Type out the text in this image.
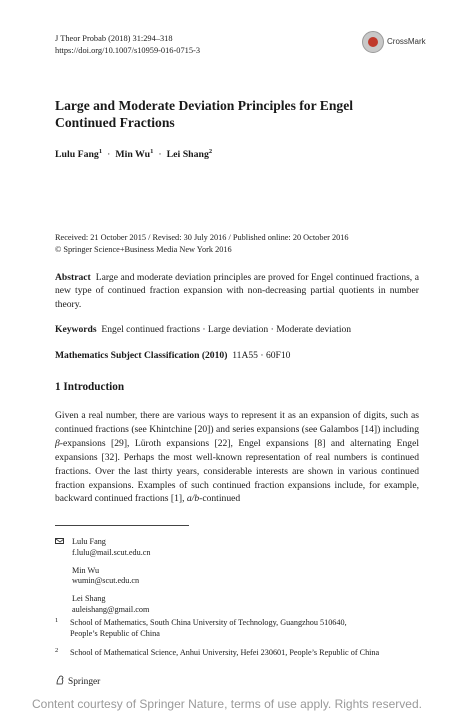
J Theor Probab (2018) 31:294–318
https://doi.org/10.1007/s10959-016-0715-3
CrossMark
Large and Moderate Deviation Principles for Engel
Continued Fractions
Lulu Fang$^1$ · Min $Wu^1$ · Lei Shang$^2$
Received: 21 October 2015 / Revised: 30 July 2016 / Published online: 20 October 2016
© Springer Science+Business Media New York 2016
Abstract Large and moderate deviation principles are proved for Engel continued fractions, a new type of continued fraction expansion with non-decreasing partial quotients in number theory.
Keywords Engel continued fractions · Large deviation · Moderate deviation
Mathematics Subject Classification (2010) 11A55 · 60F10
1 Introduction
Given a real number, there are various ways to represent it as an expansion of digits, such as continued fractions (see Khintchine [20]) and series expansions (see Galambos [14]) including β-expansions [29], Lüroth expansions [22], Engel expansions [8] and alternating Engel expansions [32]. Perhaps the most well-known representation of real numbers is continued fractions. Over the last thirty years, considerable interests are shown in various continued fraction expansions. Examples of such continued fraction expansions include, for example, backward continued fractions [1], a/b-continued
Lulu Fang
f.lulu@mail.scut.edu.cn
Min Wu
wumin@scut.edu.cn
Lei Shang
auleishang@gmail.com
1 School of Mathematics, South China University of Technology, Guangzhou 510640,
People’s Republic of China
2 School of Mathematical Science, Anhui University, Hefei 230601, People’s Republic of China
Springer
Content courtesy of Springer Nature, terms of use apply. Rights reserved.
